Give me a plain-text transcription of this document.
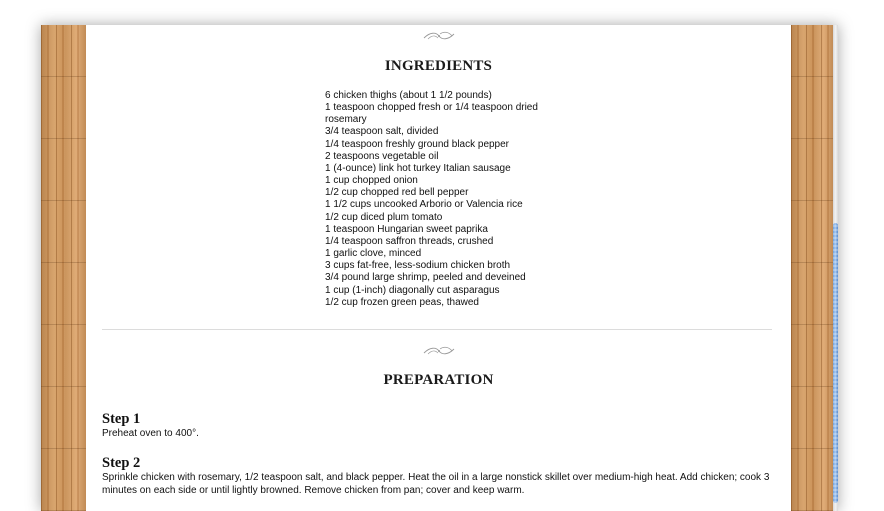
INGREDIENTS
6 chicken thighs (about 1 1/2 pounds)
1 teaspoon chopped fresh or 1/4 teaspoon dried
rosemary
3/4 teaspoon salt, divided
1/4 teaspoon freshly ground black pepper
2 teaspoons vegetable oil
1 (4-ounce) link hot turkey Italian sausage
1 cup chopped onion
1/2 cup chopped red bell pepper
1 1/2 cups uncooked Arborio or Valencia rice
1/2 cup diced plum tomato
1 teaspoon Hungarian sweet paprika
1/4 teaspoon saffron threads, crushed
1 garlic clove, minced
3 cups fat-free, less-sodium chicken broth
3/4 pound large shrimp, peeled and deveined
1 cup (1-inch) diagonally cut asparagus
1/2 cup frozen green peas, thawed
PREPARATION
Step 1

Preheat oven to 400°.

Step 2

Sprinkle chicken with rosemary, 1/2 teaspoon salt, and black pepper. Heat the oil in a large nonstick skillet over medium-high heat. Add chicken; cook 3 minutes on each side or until lightly browned. Remove chicken from pan; cover and keep warm.
